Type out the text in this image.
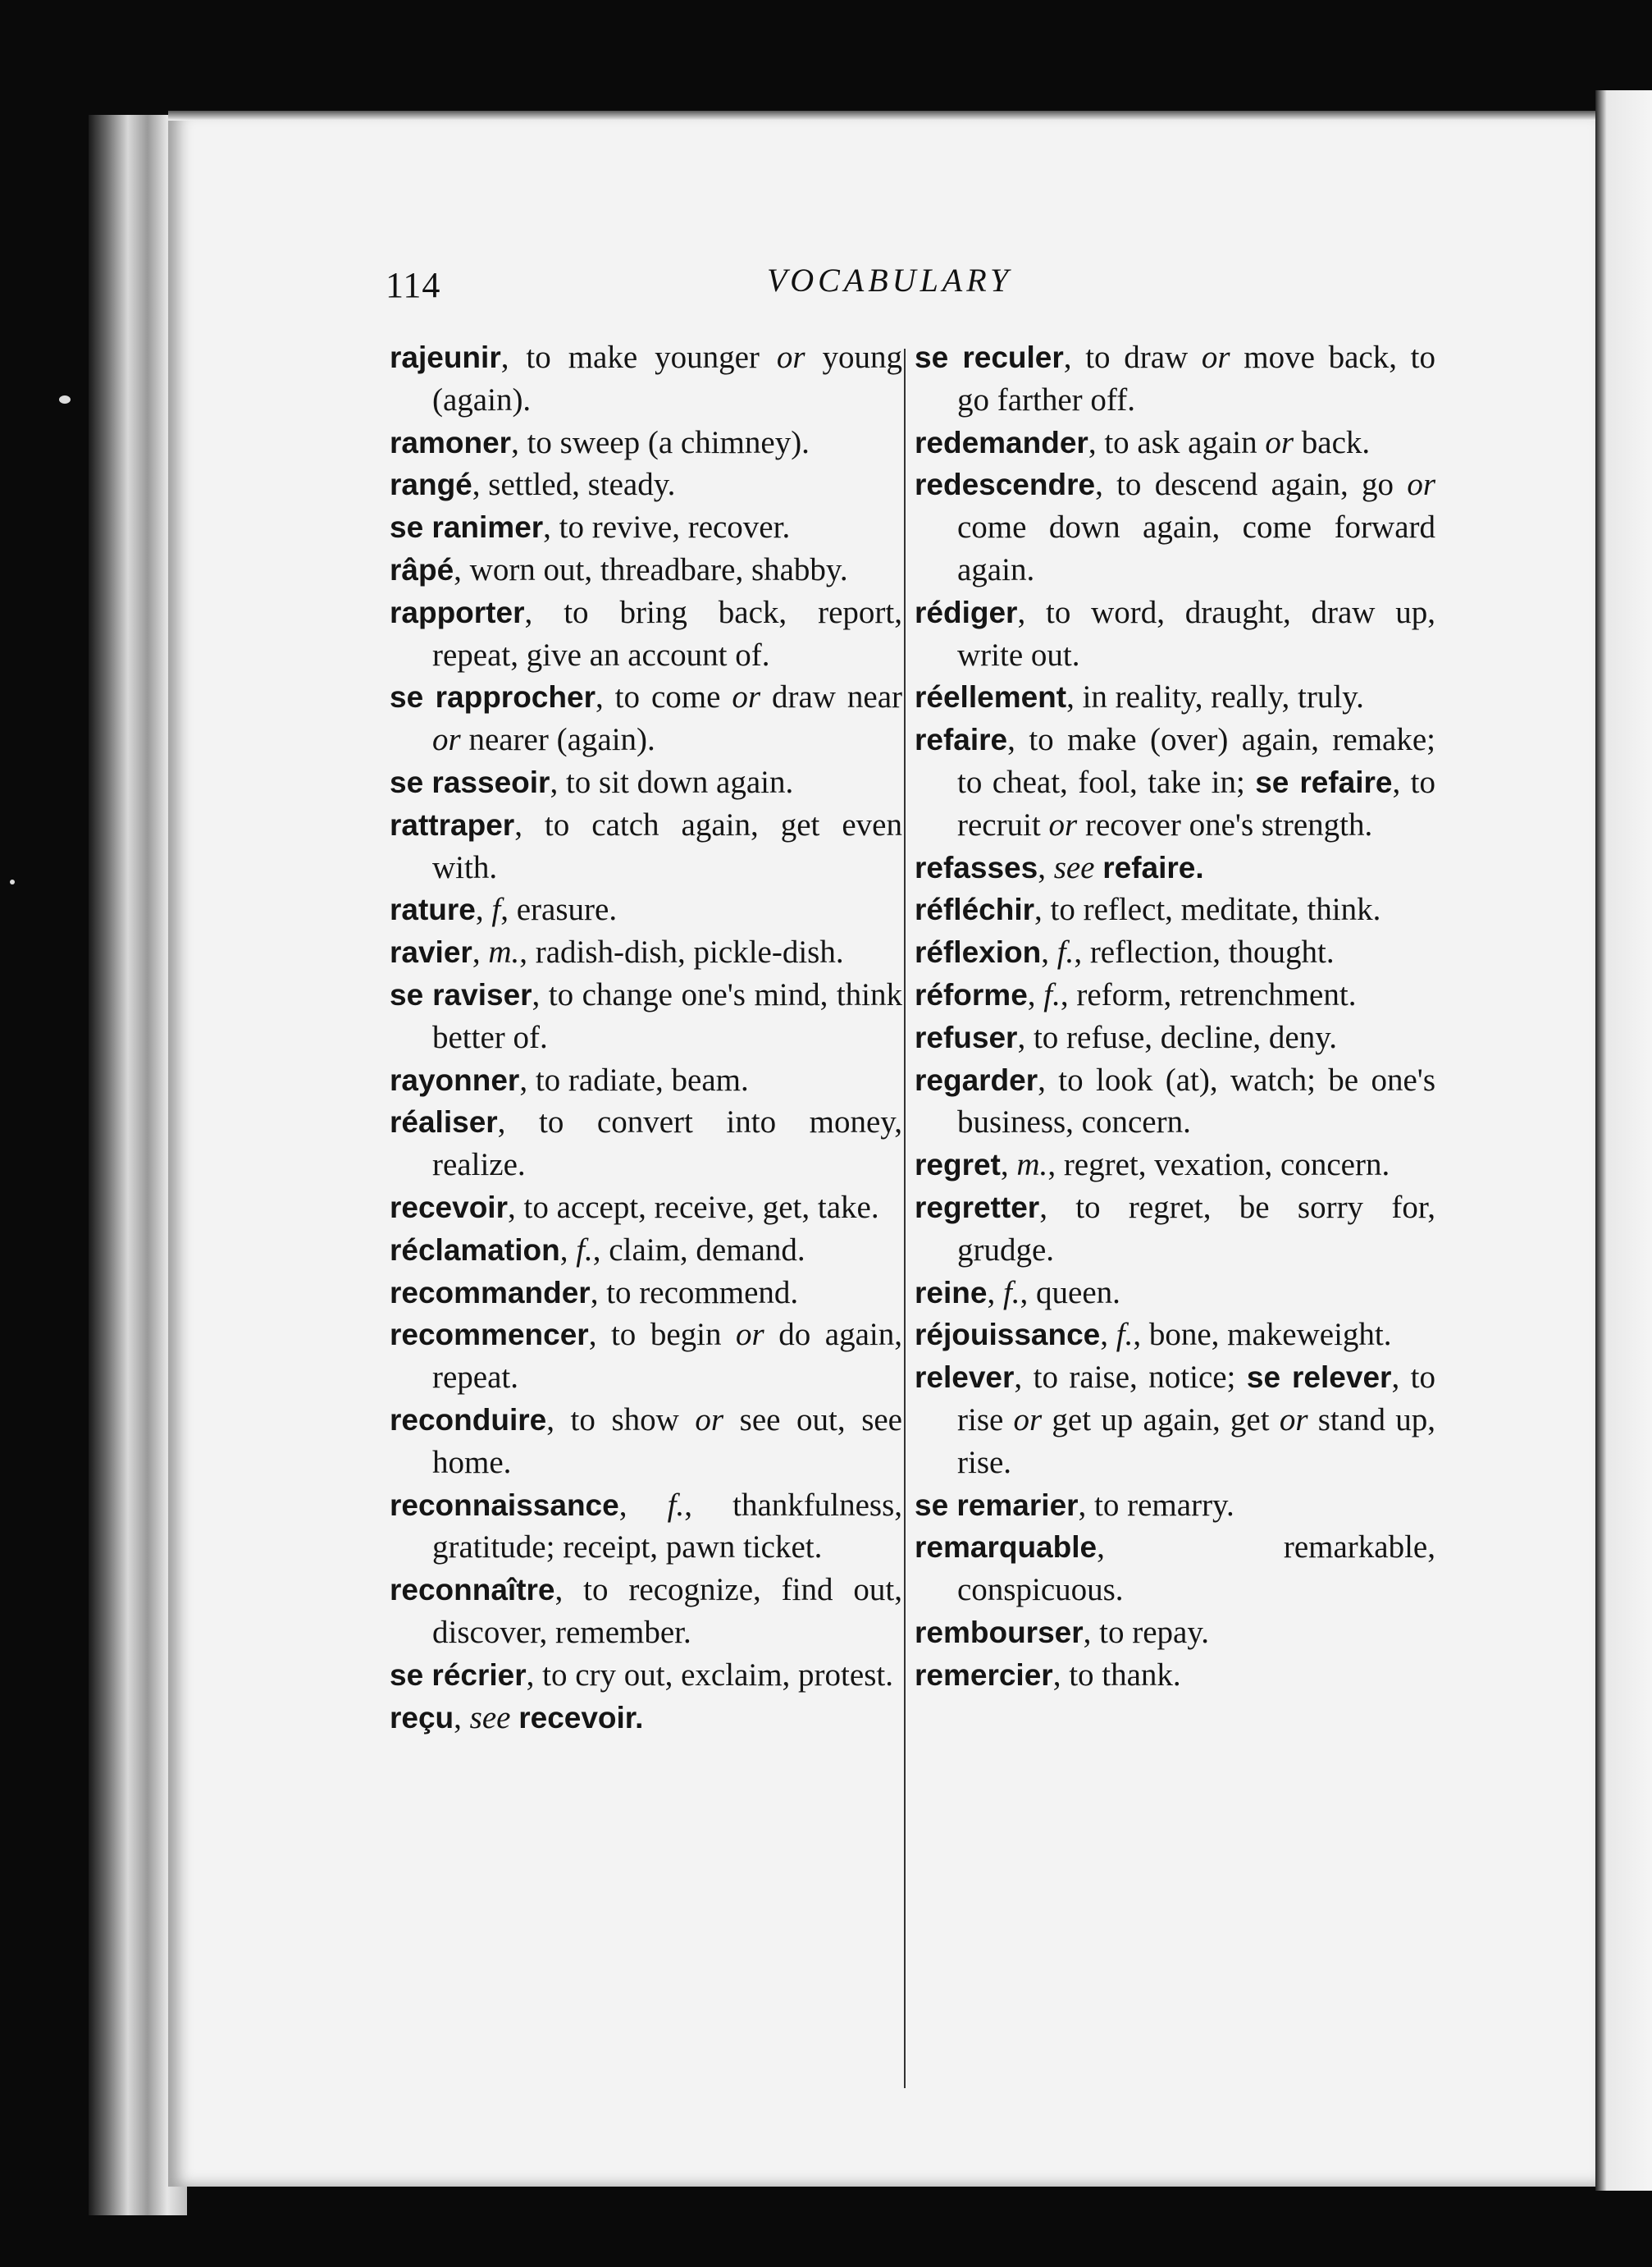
114	VOCABULARY

rajeunir, to make younger or young (again).

ramoner, to sweep (a chimney).

rangé, settled, steady.

se ranimer, to revive, recover.

râpé, worn out, threadbare, shabby.

rapporter, to bring back, report, repeat, give an account of.

se rapprocher, to come or draw near or nearer (again).

se rasseoir, to sit down again.

rattraper, to catch again, get even with.

rature, f, erasure.

ravier, m., radish-dish, pickle-dish.

se raviser, to change one's mind, think better of.

rayonner, to radiate, beam.

réaliser, to convert into money, realize.

recevoir, to accept, receive, get, take.

réclamation, f., claim, demand.

recommander, to recommend.

recommencer, to begin or do again, repeat.

reconduire, to show or see out, see home.

reconnaissance, f., thankfulness, gratitude; receipt, pawn ticket.

reconnaître, to recognize, find out, discover, remember.

se récrier, to cry out, exclaim, protest.

reçu, see recevoir.

se reculer, to draw or move back, to go farther off.

redemander, to ask again or back.

redescendre, to descend again, go or come down again, come forward again.

rédiger, to word, draught, draw up, write out.

réellement, in reality, really, truly.

refaire, to make (over) again, remake; to cheat, fool, take in; se refaire, to recruit or recover one's strength.

refasses, see refaire.

réfléchir, to reflect, meditate, think.

réflexion, f., reflection, thought.

réforme, f., reform, retrenchment.

refuser, to refuse, decline, deny.

regarder, to look (at), watch; be one's business, concern.

regret, m., regret, vexation, concern.

regretter, to regret, be sorry for, grudge.

reine, f., queen.

réjouissance, f., bone, makeweight.

relever, to raise, notice; se relever, to rise or get up again, get or stand up, rise.

se remarier, to remarry.

remarquable, remarkable, conspicuous.

rembourser, to repay.

remercier, to thank.
